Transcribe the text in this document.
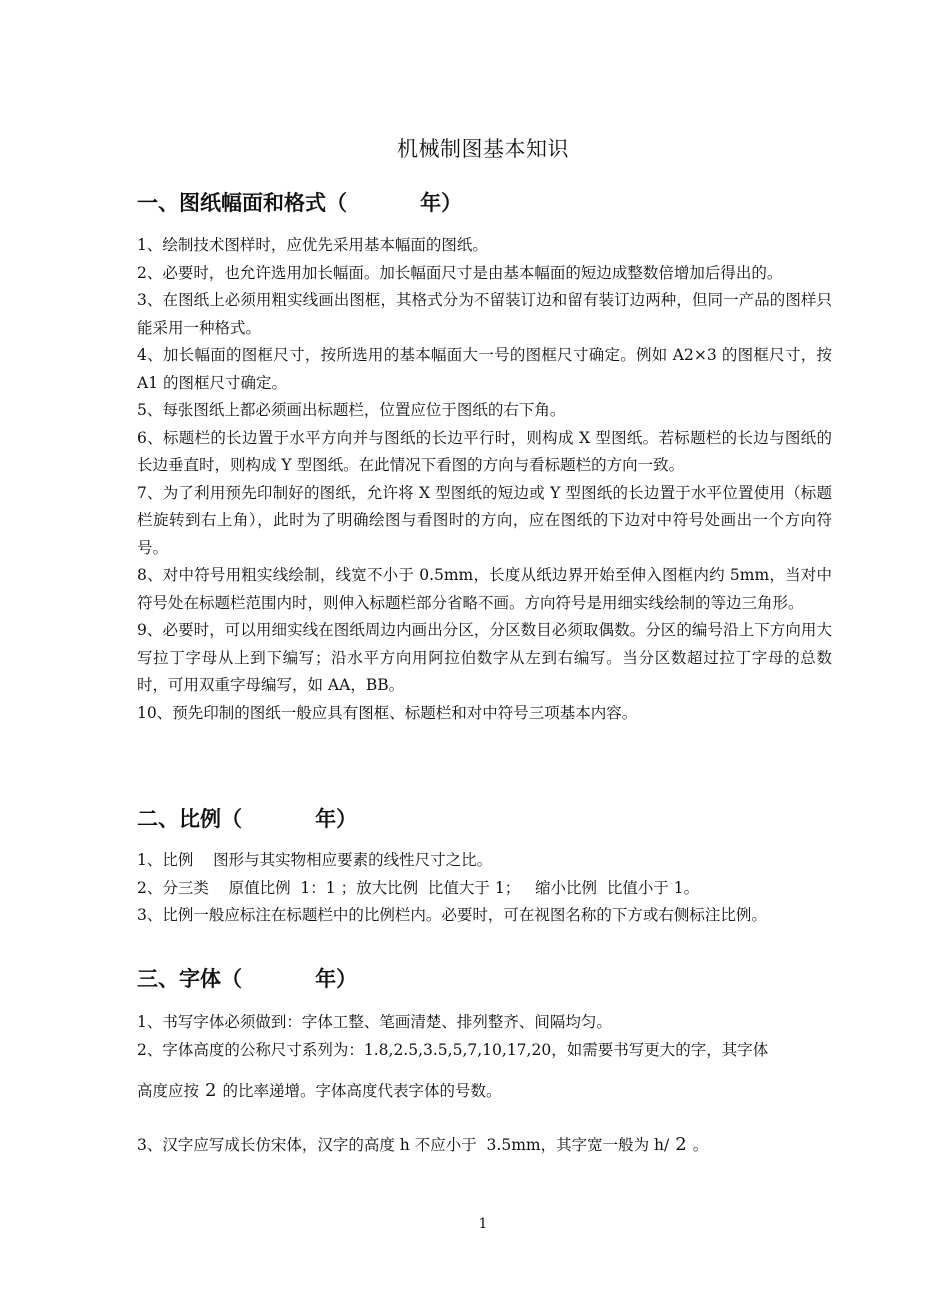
机械制图基本知识
一、图纸幅面和格式（          年）

1、绘制技术图样时，应优先采用基本幅面的图纸。

2、必要时，也允许选用加长幅面。加长幅面尺寸是由基本幅面的短边成整数倍增加后得出的。

3、在图纸上必须用粗实线画出图框，其格式分为不留装订边和留有装订边两种，但同一产品的图样只能采用一种格式。

4、加长幅面的图框尺寸，按所选用的基本幅面大一号的图框尺寸确定。例如 A2×3 的图框尺寸，按 A1 的图框尺寸确定。

5、每张图纸上都必须画出标题栏，位置应位于图纸的右下角。

6、标题栏的长边置于水平方向并与图纸的长边平行时，则构成 X 型图纸。若标题栏的长边与图纸的长边垂直时，则构成 Y 型图纸。在此情况下看图的方向与看标题栏的方向一致。

7、为了利用预先印制好的图纸，允许将 X 型图纸的短边或 Y 型图纸的长边置于水平位置使用（标题栏旋转到右上角），此时为了明确绘图与看图时的方向，应在图纸的下边对中符号处画出一个方向符号。

8、对中符号用粗实线绘制，线宽不小于 0.5mm，长度从纸边界开始至伸入图框内约 5mm，当对中符号处在标题栏范围内时，则伸入标题栏部分省略不画。方向符号是用细实线绘制的等边三角形。

9、必要时，可以用细实线在图纸周边内画出分区，分区数目必须取偶数。分区的编号沿上下方向用大写拉丁字母从上到下编写；沿水平方向用阿拉伯数字从左到右编写。当分区数超过拉丁字母的总数时，可用双重字母编写，如 AA，BB。

10、预先印制的图纸一般应具有图框、标题栏和对中符号三项基本内容。

二、比例（          年）

1、比例    图形与其实物相应要素的线性尺寸之比。

2、分三类    原值比例  1：1 ；放大比例  比值大于 1；   缩小比例  比值小于 1。

3、比例一般应标注在标题栏中的比例栏内。必要时，可在视图名称的下方或右侧标注比例。

三、字体（          年）

1、书写字体必须做到：字体工整、笔画清楚、排列整齐、间隔均匀。

2、字体高度的公称尺寸系列为：1.8,2.5,3.5,5,7,10,17,20，如需要书写更大的字，其字体

高度应按 2 的比率递增。字体高度代表字体的号数。
3、汉字应写成长仿宋体，汉字的高度 h 不应小于  3.5mm，其字宽一般为 h/ 2 。
1
